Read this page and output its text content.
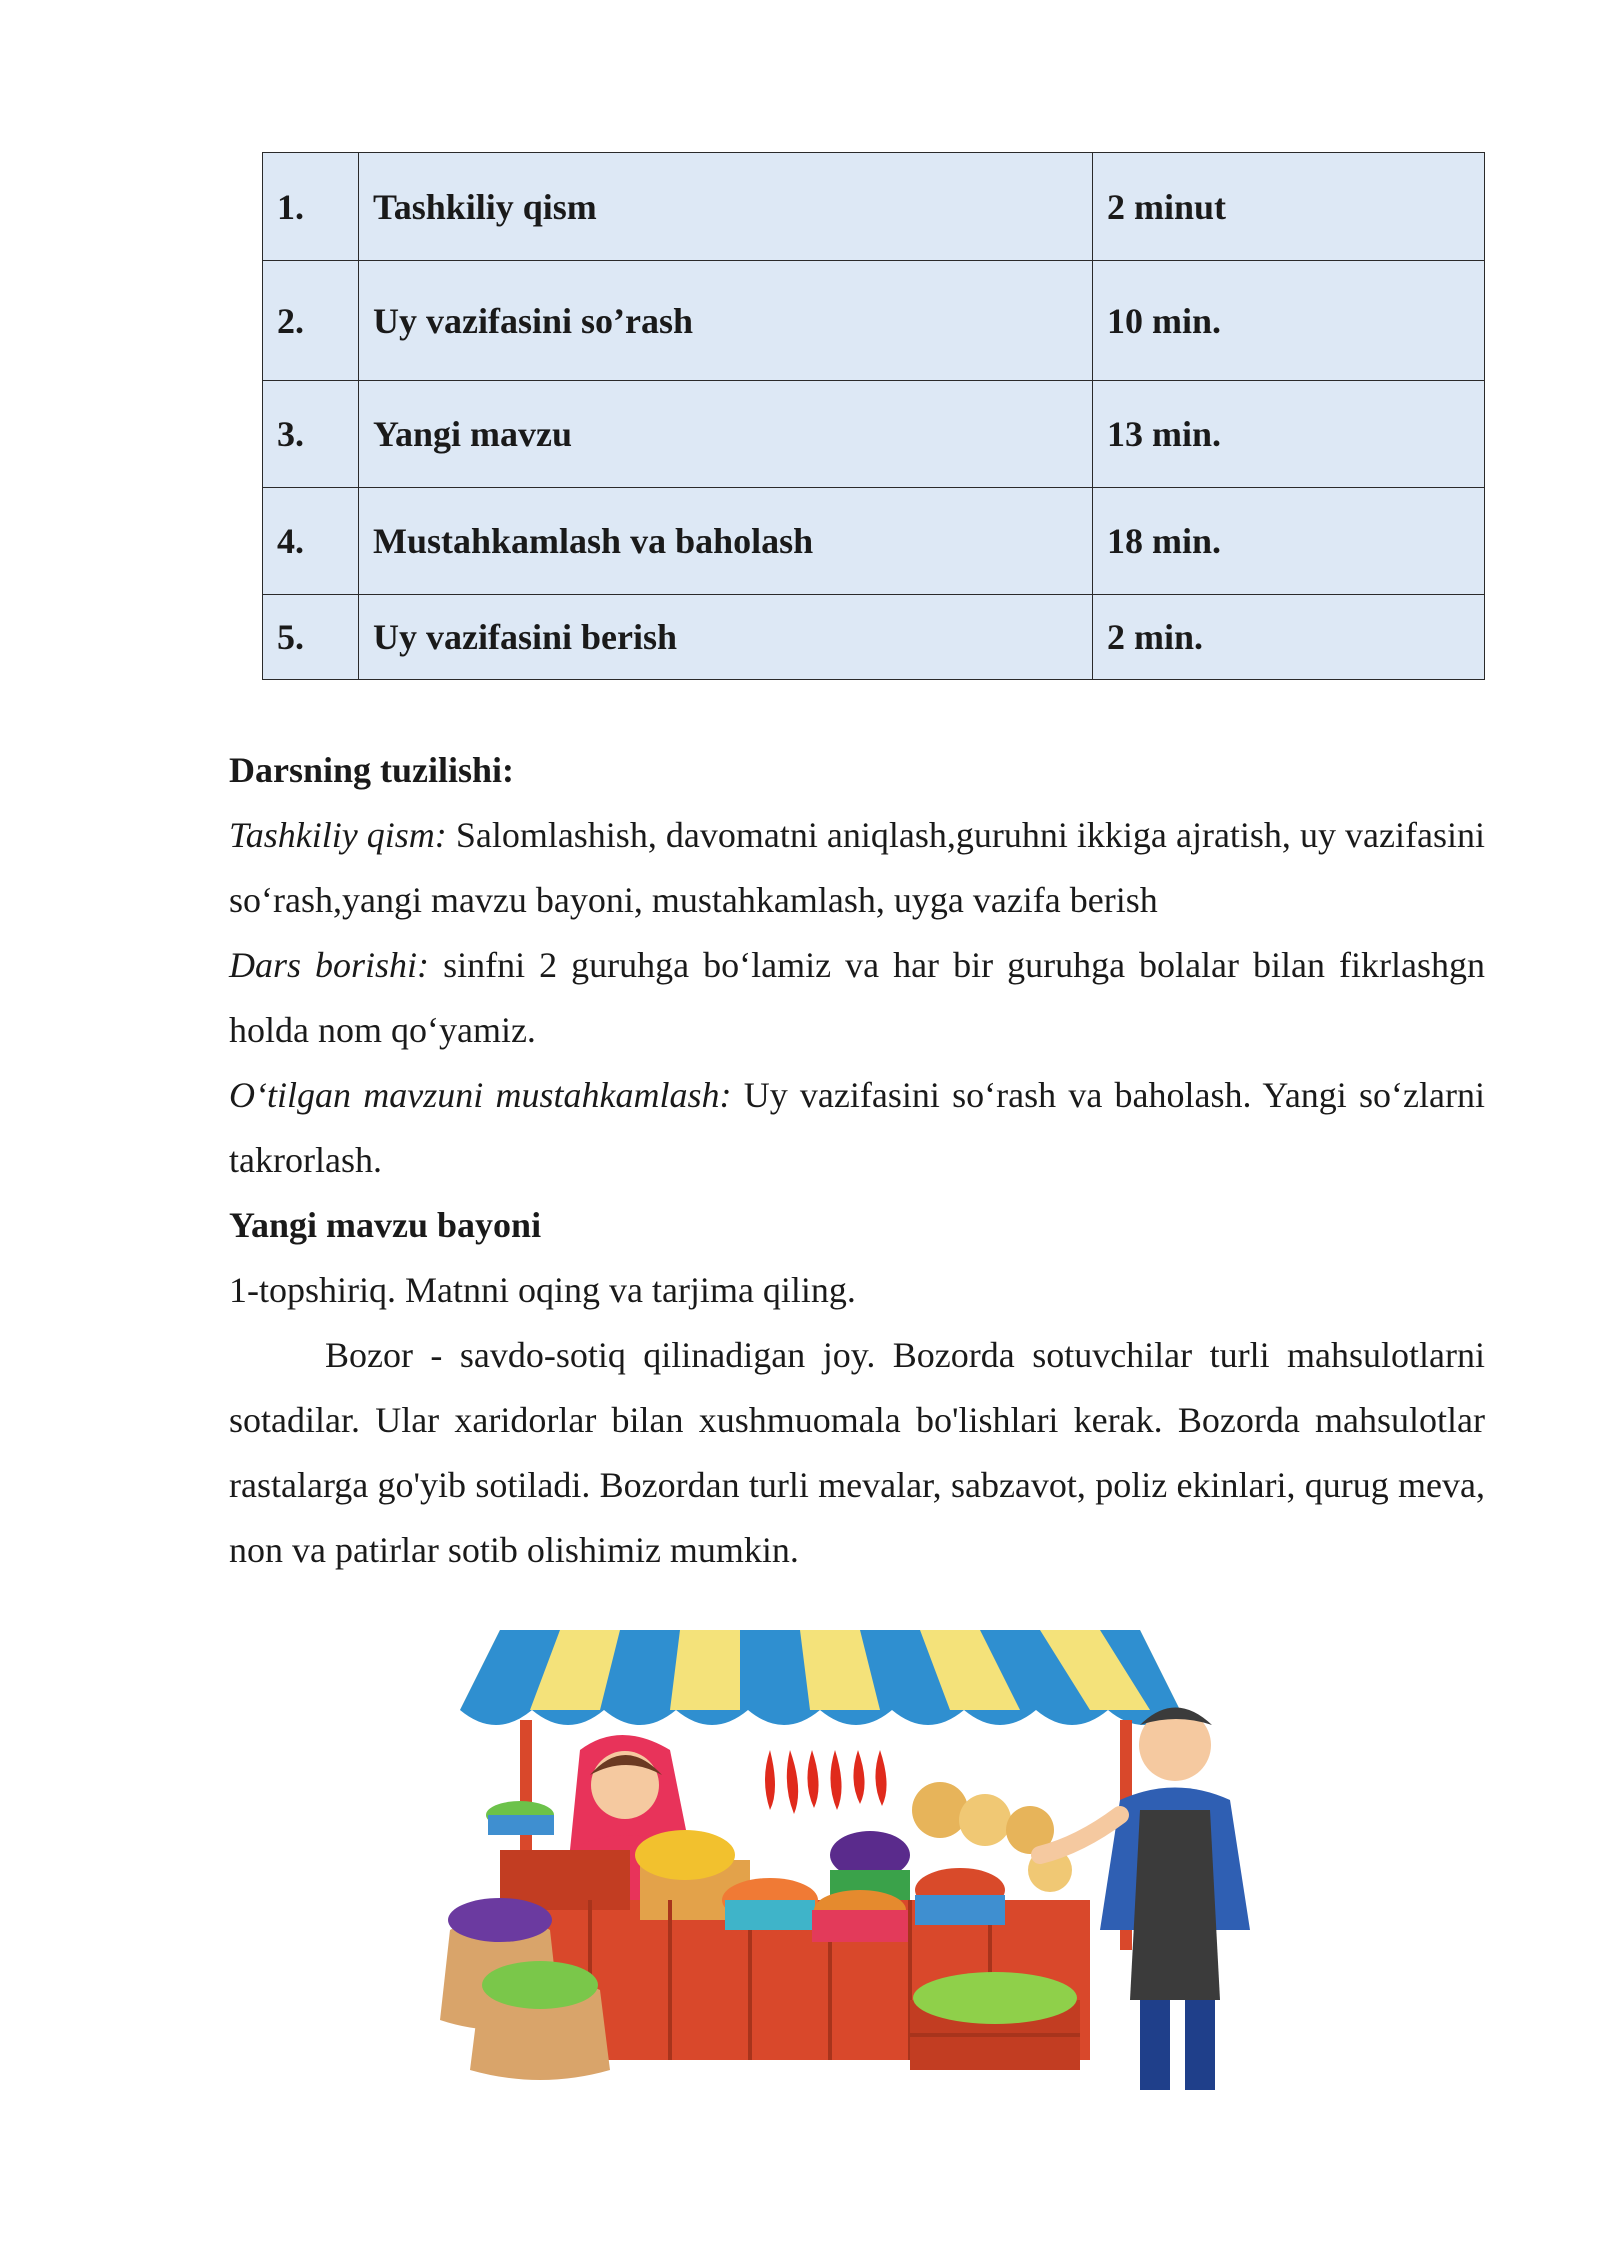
1.	Tashkiliy qism	2 minut
2.	Uy vazifasini so’rash	10 min.
3.	Yangi mavzu	13 min.
4.	Mustahkamlash va baholash	18 min.
5.	Uy vazifasini berish	2 min.

Darsning tuzilishi:

Tashkiliy qism: Salomlashish, davomatni aniqlash,guruhni ikkiga ajratish, uy vazifasini so‘rash,yangi mavzu bayoni, mustahkamlash, uyga vazifa berish

Dars borishi: sinfni 2 guruhga bo‘lamiz va har bir guruhga bolalar bilan fikrlashgn holda nom qo‘yamiz.

O‘tilgan mavzuni mustahkamlash: Uy vazifasini so‘rash va baholash. Yangi so‘zlarni takrorlash.

Yangi mavzu bayoni

1-topshiriq. Matnni oqing va tarjima qiling.

Bozor - savdo-sotiq qilinadigan joy. Bozorda sotuvchilar turli mahsulotlarni sotadilar. Ular xaridorlar bilan xushmuomala bo'lishlari kerak. Bozorda mahsulotlar rastalarga go'yib sotiladi. Bozordan turli mevalar, sabzavot, poliz ekinlari, qurug meva, non va patirlar sotib olishimiz mumkin.
